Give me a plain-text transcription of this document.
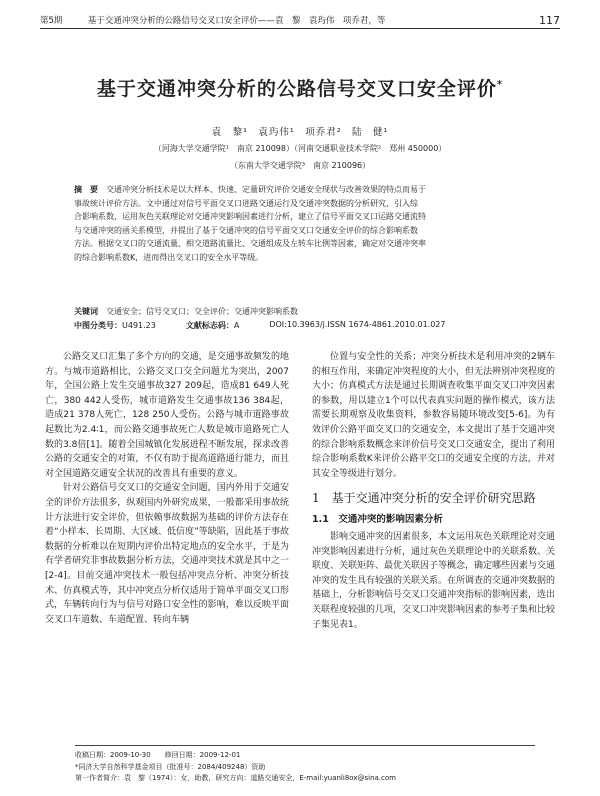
第5期　　　基于交通冲突分析的公路信号交叉口安全评价——袁　黎　袁玙伟　项乔君，等	117
基于交通冲突分析的公路信号交叉口安全评价*
袁　黎¹　袁玙伟¹　项乔君²　陆　健¹
（河海大学交通学院¹　南京 210098）（河南交通职业技术学院²　郑州 450000）
（东南大学交通学院³　南京 210096）
摘　要　 交通冲突分析技术是以大样本、快速、定量研究评价交通安全现状与改善效果的特点而易于
事故统计评价方法。文中通过对信号平面交叉口进路交通运行及交通冲突数据的分析研究，引入综
合影响系数，运用灰色关联理论对交通冲突影响因素进行分析，建立了信号平面交叉口运路交通流特
与交通冲突的函关系模型，并提出了基于交通冲突的信号平面交叉口交通安全评价的综合影响系数
方法。根据交叉口的交通流量、相交道路流量比、交通组成及左转车比例等因素，确定对交通冲突率
的综合影响系数K，进而得出交叉口的安全水平等级。
关键词　 交通安全；信号交叉口；交全评价；交通冲突影响系数
中图分类号：U491.23	文献标志码：A	DOI:10.3963/j.ISSN 1674-4861.2010.01.027

公路交叉口汇集了多个方向的交通，是交通事故频发的地方。与城市道路相比，公路交叉口交全问题尤为突出，2007年，全国公路上发生交通事故327 209起，造成81 649人死亡，380 442人受伤，城市道路发生交通事故136 384起，造成21 378人死亡，128 250人受伤。公路与城市道路事故起数比为2.4∶1，而公路交通事故死亡人数是城市道路死亡人数的3.8倍[1]。随着全国城镇化发展进程不断发展，探求改善公路的交通安全的对策，不仅有助于提高道路通行能力，而且对全国道路交通安全状况的改善具有重要的意义。

针对公路信号交叉口的交通安全问题，国内外用于交通安全的评价方法很多，纵观国内外研究成果，一般都采用事故统计方法进行安全评价，但依赖事故数据为基础的评价方法存在着“小样本、长周期、大区域、低信度”等缺陷，因此基于事故数据的分析难以在短期内评价出特定地点的安全水平，于是为有学者研究非事故数据分析方法，交通冲突技术就是其中之一[2-4]。目前交通冲突技术一般包括冲突点分析、冲突分析技术、仿真模式等，其中冲突点分析仅适用于简单平面交叉口形式，车辆转向行为与信号对路口安全性的影响，难以反映平面交叉口车道数、车道配置、转向车辆

位置与安全性的关系；冲突分析技术是利用冲突的2辆车的相互作用，来确定冲突程度的大小，但无法辨别冲突程度的大小；仿真模式方法是通过长期调查收集平面交叉口冲突因素的参数，用以建立1个可以代表真实问题的操作模式，该方法需要长期观察及收集资料，参数容易随环境改变[5-6]。为有效评价公路平面交叉口的交通安全，本文提出了基于交通冲突的综合影响系数概念来评价信号交叉口交通安全，提出了利用综合影响系数K来评价公路平交口的交通安全度的方法，并对其安全等级进行划分。

1　 基于交通冲突分析的安全评价研究思路
1.1　 交通冲突的影响因素分析

影响交通冲突的因素很多，本文运用灰色关联理论对交通冲突影响因素进行分析，通过灰色关联理论中的关联系数、关联度、关联矩阵、最优关联因子等概念，确定哪些因素与交通冲突的发生具有较强的关联关系。在所调查的交通冲突数据的基础上，分析影响信号交叉口交通冲突指标的影响因素，选出关联程度较强的几项，交叉口冲突影响因素的参考子集和比较子集见表1。

收稿日期：2009-10-30　　修回日期：2009-12-01
*同济大学自然科学基金项目（批准号：2084/409248）资助
第一作者简介：袁　黎（1974）：女，助教，研究方向：道路交通安全，E-mail:yuanli8ox@sina.com
